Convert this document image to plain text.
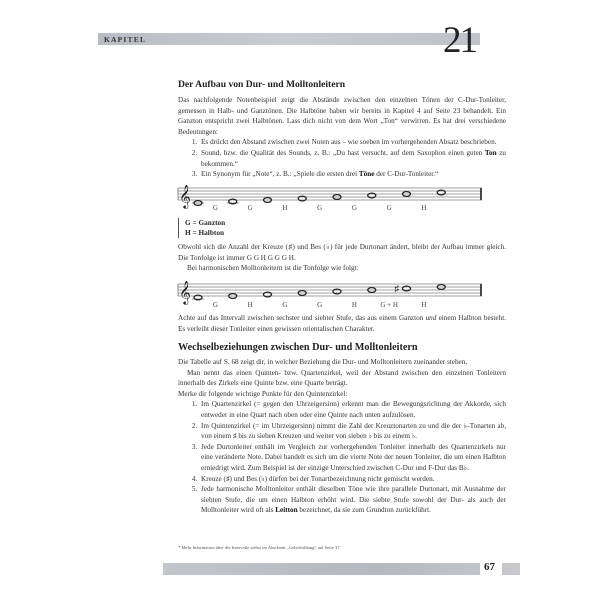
KAPITEL	21
Der Aufbau von Dur- und Molltonleitern

Das nachfolgende Notenbeispiel zeigt die Abstände zwischen den einzelnen Tönen der C-Dur-Tonleiter, gemessen in Halb- und Ganztönen. Die Halbtöne haben wir bereits in Kapitel 4 auf Seite 23 behandelt. Ein Ganzton entspricht zwei Halbtönen. Lass dich nicht von dem Wort „Ton“ verwirren. Es hat drei verschiedene Bedeutungen:

1. Es drückt den Abstand zwischen zwei Noten aus – wie soeben im vorhergehenden Absatz beschrieben.
2. Sound, bzw. die Qualität des Sounds, z. B.: „Du hast versucht, auf dem Saxophon einen guten Ton zu bekommen.“
3. Ein Synonym für „Note“, z. B.: „Spiele die ersten drei Töne der C-Dur-Tonleiter.“
𝄞	G	G	H	G	G	G	H
G = Ganzton
H = Halbton

Obwohl sich die Anzahl der Kreuze (♯) und Bes (♭) für jede Durtonart ändert, bleibt der Aufbau immer gleich. Die Tonfolge ist immer G G H G G G H.

Bei harmonischen Molltonleitern ist die Tonfolge wie folgt:

𝄞	♯
G	H	G	G	H	G + H	H

Achte auf das Intervall zwischen sechster und siebter Stufe, das aus einem Ganzton und einem Halbton besteht. Es verleiht dieser Tonleiter einen gewissen orientalischen Charakter.

Wechselbeziehungen zwischen Dur- und Molltonleitern

Die Tabelle auf S. 68 zeigt dir, in welcher Beziehung die Dur- und Molltonleitern zueinander stehen.

Man nennt das einen Quinten- bzw. Quartenzirkel, weil der Abstand zwischen den einzelnen Tonleitern innerhalb des Zirkels eine Quinte bzw. eine Quarte beträgt.

Merke dir folgende wichtige Punkte für den Quintenzirkel:

1. Im Quartenzirkel (= gegen den Uhrzeigersinn) erkennt man die Bewegungsrichtung der Akkorde, sich entweder in eine Quart nach oben oder eine Quinte nach unten aufzulösen.
2. Im Quintenzirkel (= im Uhrzeigersinn) nimmt die Zahl der Kreuztonarten zu und die der ♭-Tonarten ab, von einem ♯ bis zu sieben Kreuzen und weiter von sieben ♭ bis zu einem ♭.
3. Jede Durtonleiter enthält im Vergleich zur vorhergehenden Tonleiter innerhalb des Quartenzirkels nur eine veränderte Note. Dabei handelt es sich um die vierte Note der neuen Tonleiter, die um einen Halbton erniedrigt wird. Zum Beispiel ist der einzige Unterschied zwischen C-Dur und F-Dur das B♭.
4. Kreuze (♯) und Bes (♭) dürfen bei der Tonartbezeichnung nicht gemischt werden.
5. Jede harmonische Molltonleiter enthält dieselben Töne wie ihre parallele Durtonart, mit Ausnahme der siebten Stufe, die um einen Halbton erhöht wird. Die siebte Stufe sowohl der Dur- als auch der Molltonleiter wird oft als Leitton bezeichnet, da sie zum Grundton zurückführt.
* Mehr Information über die Intervalle siehst im Abschnitt „Gehörbildung“ auf Seite 37.
67
